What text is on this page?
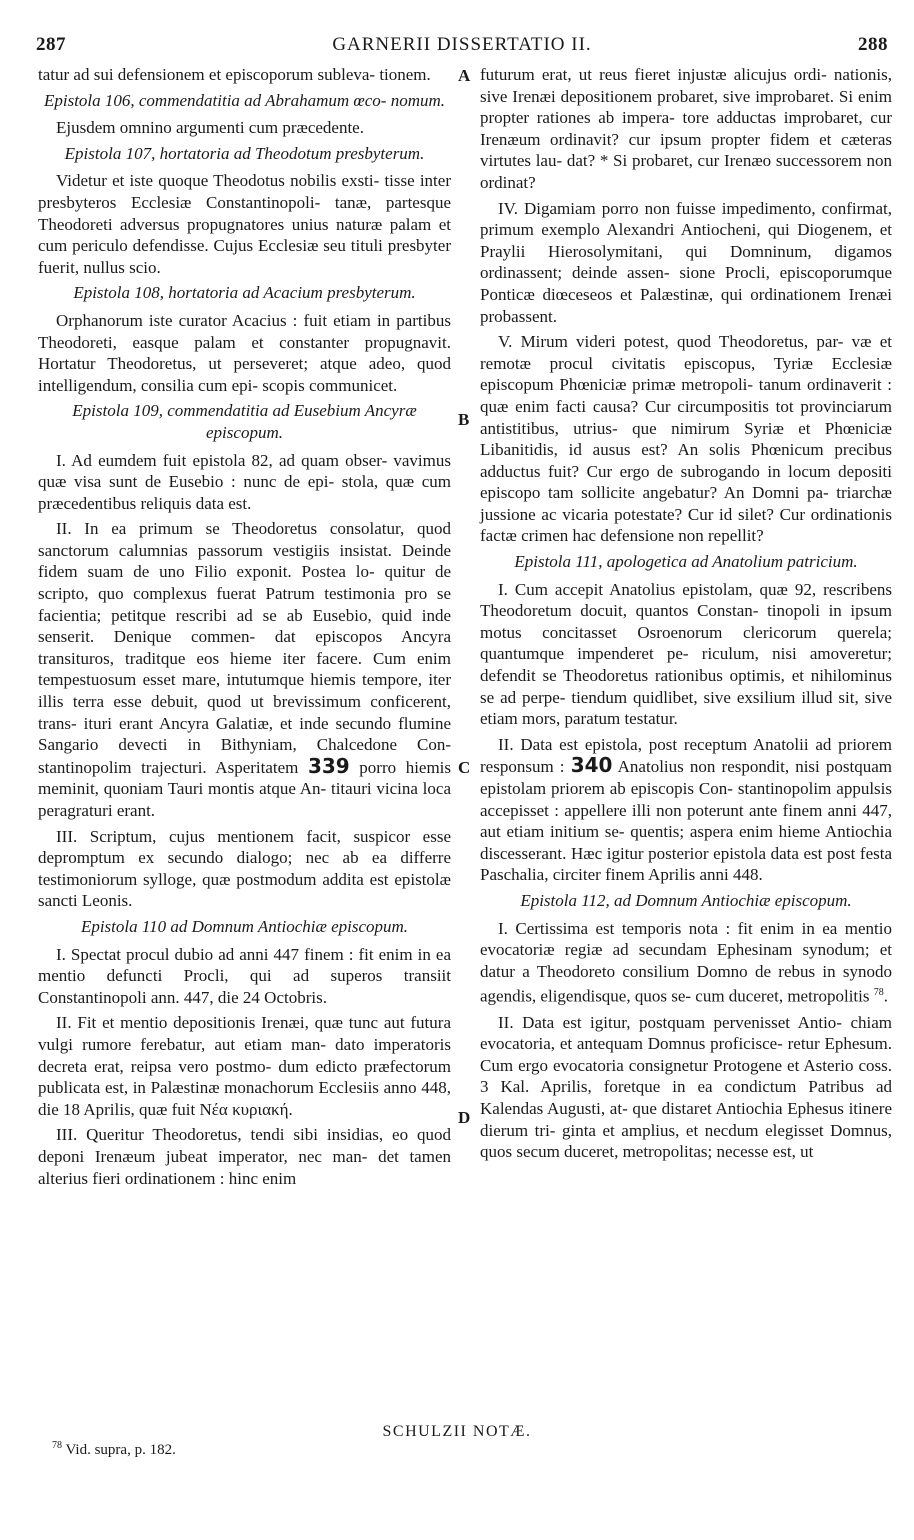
287	GARNERII DISSERTATIO II.	288
A
B
C
D

tatur ad sui defensionem et episcoporum subleva- tionem.

Epistola 106, commendatitia ad Abrahamum œco- nomum.

Ejusdem omnino argumenti cum præcedente.

Epistola 107, hortatoria ad Theodotum presbyterum.

Videtur et iste quoque Theodotus nobilis exsti- tisse inter presbyteros Ecclesiæ Constantinopoli- tanæ, partesque Theodoreti adversus propugnatores unius naturæ palam et cum periculo defendisse. Cujus Ecclesiæ seu tituli presbyter fuerit, nullus scio.

Epistola 108, hortatoria ad Acacium presbyterum.

Orphanorum iste curator Acacius : fuit etiam in partibus Theodoreti, easque palam et constanter propugnavit. Hortatur Theodoretus, ut perseveret; atque adeo, quod intelligendum, consilia cum epi- scopis communicet.

Epistola 109, commendatitia ad Eusebium Ancyræ episcopum.

I. Ad eumdem fuit epistola 82, ad quam obser- vavimus quæ visa sunt de Eusebio : nunc de epi- stola, quæ cum præcedentibus reliquis data est.

II. In ea primum se Theodoretus consolatur, quod sanctorum calumnias passorum vestigiis insistat. Deinde fidem suam de uno Filio exponit. Postea lo- quitur de scripto, quo complexus fuerat Patrum testimonia pro se facientia; petitque rescribi ad se ab Eusebio, quid inde senserit. Denique commen- dat episcopos Ancyra transituros, traditque eos hieme iter facere. Cum enim tempestuosum esset mare, intutumque hiemis tempore, iter illis terra esse debuit, quod ut brevissimum conficerent, trans- ituri erant Ancyra Galatiæ, et inde secundo flumine Sangario devecti in Bithyniam, Chalcedone Con- stantinopolim trajecturi. Asperitatem 339 porro hiemis meminit, quoniam Tauri montis atque An- titauri vicina loca peragraturi erant.

III. Scriptum, cujus mentionem facit, suspicor esse depromptum ex secundo dialogo; nec ab ea differre testimoniorum sylloge, quæ postmodum addita est epistolæ sancti Leonis.

Epistola 110 ad Domnum Antiochiæ episcopum.

I. Spectat procul dubio ad anni 447 finem : fit enim in ea mentio defuncti Procli, qui ad superos transiit Constantinopoli ann. 447, die 24 Octobris.

II. Fit et mentio depositionis Irenæi, quæ tunc aut futura vulgi rumore ferebatur, aut etiam man- dato imperatoris decreta erat, reipsa vero postmo- dum edicto præfectorum publicata est, in Palæstinæ monachorum Ecclesiis anno 448, die 18 Aprilis, quæ fuit Νέα κυριακή.

III. Queritur Theodoretus, tendi sibi insidias, eo quod deponi Irenæum jubeat imperator, nec man- det tamen alterius fieri ordinationem : hinc enim

futurum erat, ut reus fieret injustæ alicujus ordi- nationis, sive Irenæi depositionem probaret, sive improbaret. Si enim propter rationes ab impera- tore adductas improbaret, cur Irenæum ordinavit? cur ipsum propter fidem et cæteras virtutes lau- dat? * Si probaret, cur Irenæo successorem non ordinat?

IV. Digamiam porro non fuisse impedimento, confirmat, primum exemplo Alexandri Antiocheni, qui Diogenem, et Praylii Hierosolymitani, qui Domninum, digamos ordinassent; deinde assen- sione Procli, episcoporumque Ponticæ diœceseos et Palæstinæ, qui ordinationem Irenæi probassent.

V. Mirum videri potest, quod Theodoretus, par- væ et remotæ procul civitatis episcopus, Tyriæ Ecclesiæ episcopum Phœniciæ primæ metropoli- tanum ordinaverit : quæ enim facti causa? Cur circumpositis tot provinciarum antistitibus, utrius- que nimirum Syriæ et Phœniciæ Libanitidis, id ausus est? An solis Phœnicum precibus adductus fuit? Cur ergo de subrogando in locum depositi episcopo tam sollicite angebatur? An Domni pa- triarchæ jussione ac vicaria potestate? Cur id silet? Cur ordinationis factæ crimen hac defensione non repellit?

Epistola 111, apologetica ad Anatolium patricium.

I. Cum accepit Anatolius epistolam, quæ 92, rescribens Theodoretum docuit, quantos Constan- tinopoli in ipsum motus concitasset Osroenorum clericorum querela; quantumque impenderet pe- riculum, nisi amoveretur; defendit se Theodoretus rationibus optimis, et nihilominus se ad perpe- tiendum quidlibet, sive exsilium illud sit, sive etiam mors, paratum testatur.

II. Data est epistola, post receptum Anatolii ad priorem responsum : 340 Anatolius non respondit, nisi postquam epistolam priorem ab episcopis Con- stantinopolim appulsis accepisset : appellere illi non poterunt ante finem anni 447, aut etiam initium se- quentis; aspera enim hieme Antiochia discesserant. Hæc igitur posterior epistola data est post festa Paschalia, circiter finem Aprilis anni 448.

Epistola 112, ad Domnum Antiochiæ episcopum.

I. Certissima est temporis nota : fit enim in ea mentio evocatoriæ regiæ ad secundam Ephesinam synodum; et datur a Theodoreto consilium Domno de rebus in synodo agendis, eligendisque, quos se- cum duceret, metropolitis $^{78}$.

II. Data est igitur, postquam pervenisset Antio- chiam evocatoria, et antequam Domnus proficisce- retur Ephesum. Cum ergo evocatoria consignetur Protogene et Asterio coss. 3 Kal. Aprilis, foretque in ea condictum Patribus ad Kalendas Augusti, at- que distaret Antiochia Ephesus itinere dierum tri- ginta et amplius, et necdum elegisset Domnus, quos secum duceret, metropolitas; necesse est, ut

SCHULZII NOTÆ.
$^{78}$ Vid. supra, p. 182.
